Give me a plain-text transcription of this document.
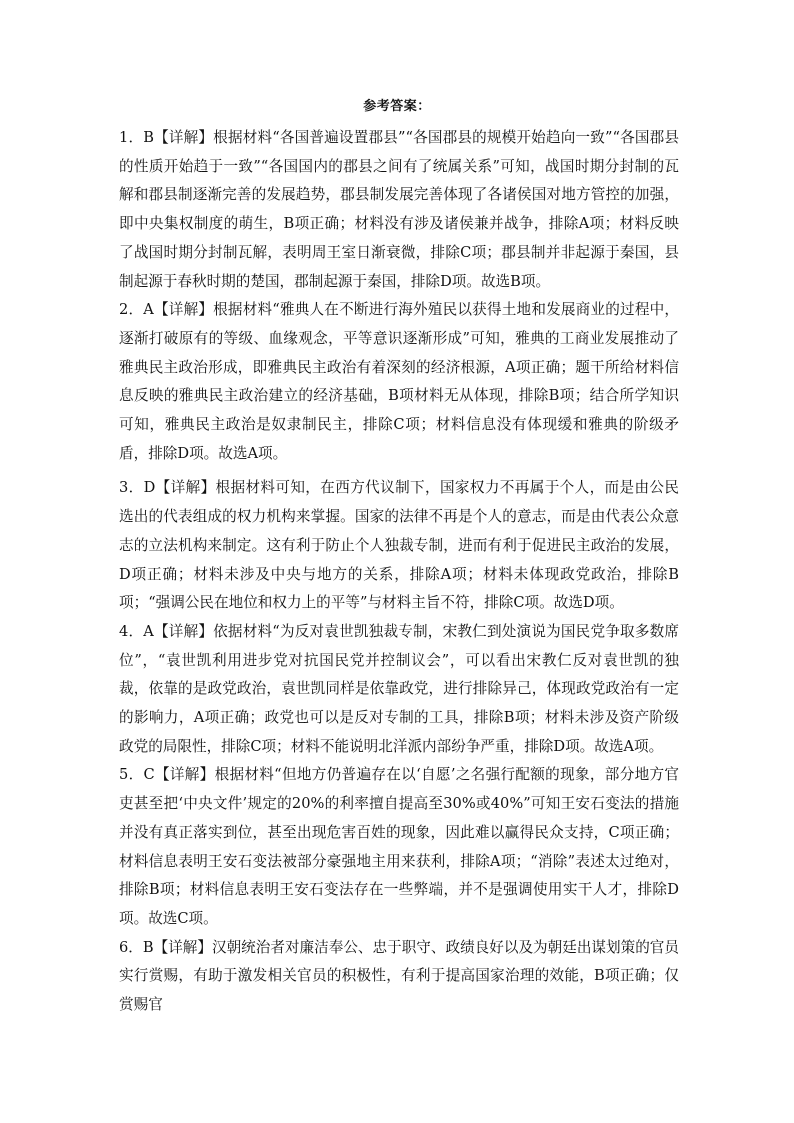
参考答案：

1．B【详解】根据材料“各国普遍设置郡县”“各国郡县的规模开始趋向一致”“各国郡县的性质开始趋于一致”“各国国内的郡县之间有了统属关系”可知，战国时期分封制的瓦解和郡县制逐渐完善的发展趋势，郡县制发展完善体现了各诸侯国对地方管控的加强，即中央集权制度的萌生，B项正确；材料没有涉及诸侯兼并战争，排除A项；材料反映了战国时期分封制瓦解，表明周王室日渐衰微，排除C项；郡县制并非起源于秦国，县制起源于春秋时期的楚国，郡制起源于秦国，排除D项。故选B项。

2．A【详解】根据材料“雅典人在不断进行海外殖民以获得土地和发展商业的过程中，逐渐打破原有的等级、血缘观念，平等意识逐渐形成”可知，雅典的工商业发展推动了雅典民主政治形成，即雅典民主政治有着深刻的经济根源，A项正确；题干所给材料信息反映的雅典民主政治建立的经济基础，B项材料无从体现，排除B项；结合所学知识可知，雅典民主政治是奴隶制民主，排除C项；材料信息没有体现缓和雅典的阶级矛盾，排除D项。故选A项。

3．D【详解】根据材料可知，在西方代议制下，国家权力不再属于个人，而是由公民选出的代表组成的权力机构来掌握。国家的法律不再是个人的意志，而是由代表公众意志的立法机构来制定。这有利于防止个人独裁专制，进而有利于促进民主政治的发展，D项正确；材料未涉及中央与地方的关系，排除A项；材料未体现政党政治，排除B项；“强调公民在地位和权力上的平等”与材料主旨不符，排除C项。故选D项。

4．A【详解】依据材料“为反对袁世凯独裁专制，宋教仁到处演说为国民党争取多数席位”，“袁世凯利用进步党对抗国民党并控制议会”，可以看出宋教仁反对袁世凯的独裁，依靠的是政党政治，袁世凯同样是依靠政党，进行排除异己，体现政党政治有一定的影响力，A项正确；政党也可以是反对专制的工具，排除B项；材料未涉及资产阶级政党的局限性，排除C项；材料不能说明北洋派内部纷争严重，排除D项。故选A项。

5．C【详解】根据材料“但地方仍普遍存在以‘自愿’之名强行配额的现象，部分地方官吏甚至把‘中央文件’规定的20%的利率擅自提高至30%或40%”可知王安石变法的措施并没有真正落实到位，甚至出现危害百姓的现象，因此难以赢得民众支持，C项正确；材料信息表明王安石变法被部分豪强地主用来获利，排除A项；“消除”表述太过绝对，排除B项；材料信息表明王安石变法存在一些弊端，并不是强调使用实干人才，排除D项。故选C项。

6．B【详解】汉朝统治者对廉洁奉公、忠于职守、政绩良好以及为朝廷出谋划策的官员实行赏赐，有助于激发相关官员的积极性，有利于提高国家治理的效能，B项正确；仅赏赐官
